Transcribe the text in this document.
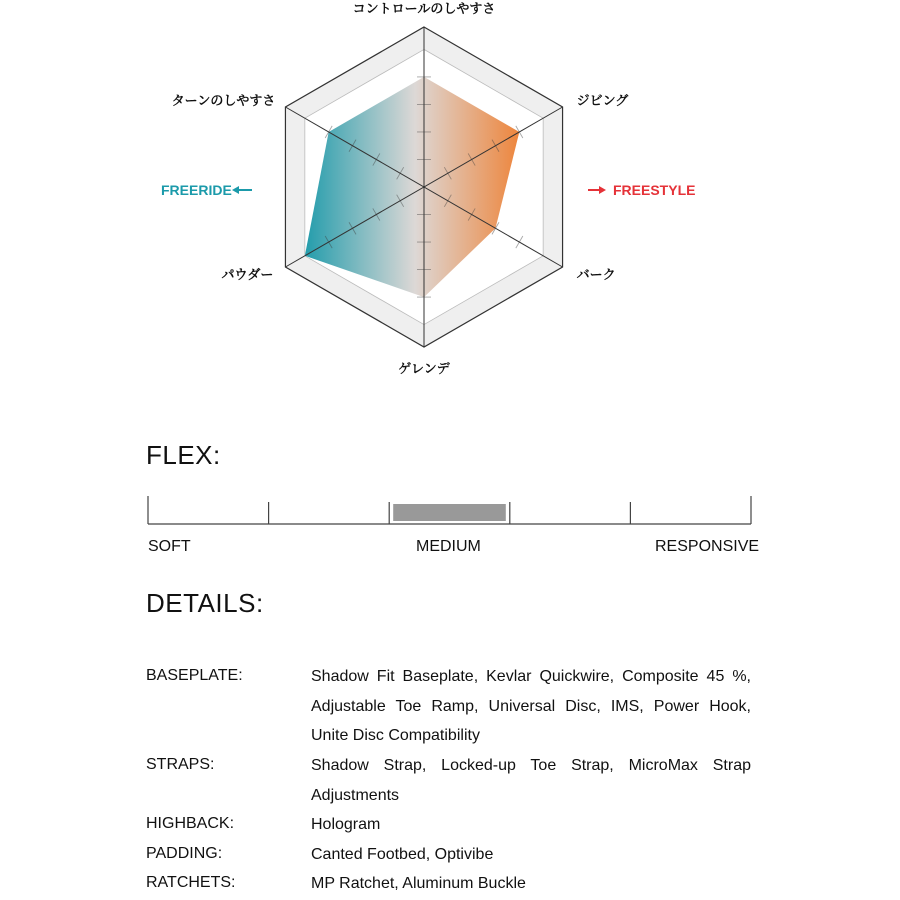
コントロールのしやすさ
ジビング
バーク
ゲレンデ
パウダー
ターンのしやすさ
FREERIDE	FREESTYLE
FLEX:
SOFT	MEDIUM	RESPONSIVE
DETAILS:
BASEPLATE:	Shadow Fit Baseplate, Kevlar Quickwire, Composite 45 %,
Adjustable Toe Ramp, Universal Disc, IMS, Power Hook,
Unite Disc Compatibility
STRAPS:	Shadow Strap, Locked-up Toe Strap, MicroMax Strap
Adjustments
HIGHBACK:	Hologram
PADDING:	Canted Footbed, Optivibe
RATCHETS:	MP Ratchet, Aluminum Buckle
